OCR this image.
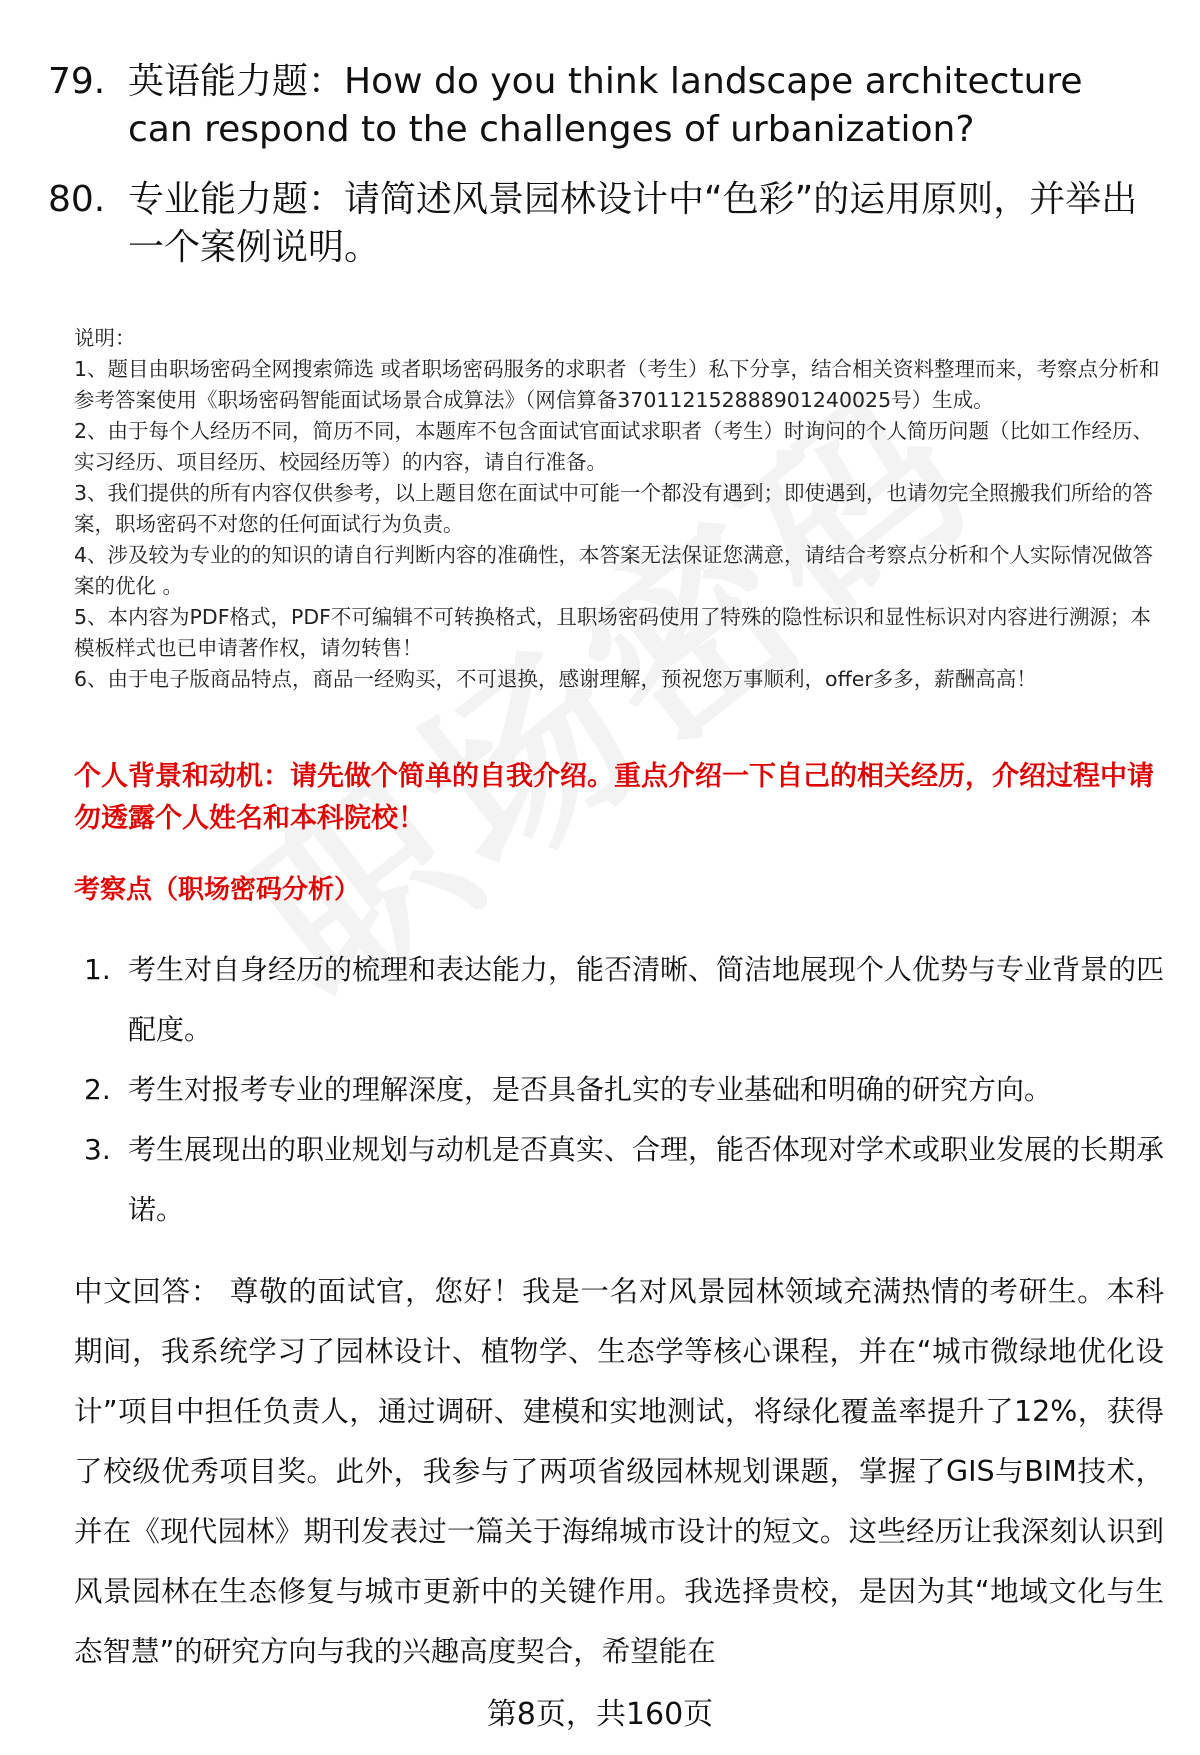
79. 英语能力题：How do you think landscape architecture can respond to the challenges of urbanization?
80. 专业能力题：请简述风景园林设计中“色彩”的运用原则，并举出一个案例说明。

说明：

1、题目由职场密码全网搜索筛选 或者职场密码服务的求职者（考生）私下分享，结合相关资料整理而来，考察点分析和参考答案使用《职场密码智能面试场景合成算法》（网信算备370112152888901240025号）生成。

2、由于每个人经历不同，简历不同，本题库不包含面试官面试求职者（考生）时询问的个人简历问题（比如工作经历、实习经历、项目经历、校园经历等）的内容，请自行准备。

3、我们提供的所有内容仅供参考，以上题目您在面试中可能一个都没有遇到；即使遇到，也请勿完全照搬我们所给的答案，职场密码不对您的任何面试行为负责。

4、涉及较为专业的的知识的请自行判断内容的准确性，本答案无法保证您满意，请结合考察点分析和个人实际情况做答案的优化 。

5、本内容为PDF格式，PDF不可编辑不可转换格式，且职场密码使用了特殊的隐性标识和显性标识对内容进行溯源；本模板样式也已申请著作权，请勿转售！

6、由于电子版商品特点，商品一经购买，不可退换，感谢理解，预祝您万事顺利，offer多多，薪酬高高！

个人背景和动机：请先做个简单的自我介绍。重点介绍一下自己的相关经历，介绍过程中请勿透露个人姓名和本科院校！
考察点（职场密码分析）
1. 考生对自身经历的梳理和表达能力，能否清晰、简洁地展现个人优势与专业背景的匹配度。
2. 考生对报考专业的理解深度，是否具备扎实的专业基础和明确的研究方向。
3. 考生展现出的职业规划与动机是否真实、合理，能否体现对学术或职业发展的长期承诺。

中文回答： 尊敬的面试官，您好！我是一名对风景园林领域充满热情的考研生。本科期间，我系统学习了园林设计、植物学、生态学等核心课程，并在“城市微绿地优化设计”项目中担任负责人，通过调研、建模和实地测试，将绿化覆盖率提升了12%，获得了校级优秀项目奖。此外，我参与了两项省级园林规划课题，掌握了GIS与BIM技术，并在《现代园林》期刊发表过一篇关于海绵城市设计的短文。这些经历让我深刻认识到风景园林在生态修复与城市更新中的关键作用。我选择贵校，是因为其“地域文化与生态智慧”的研究方向与我的兴趣高度契合，希望能在

第8页，共160页
